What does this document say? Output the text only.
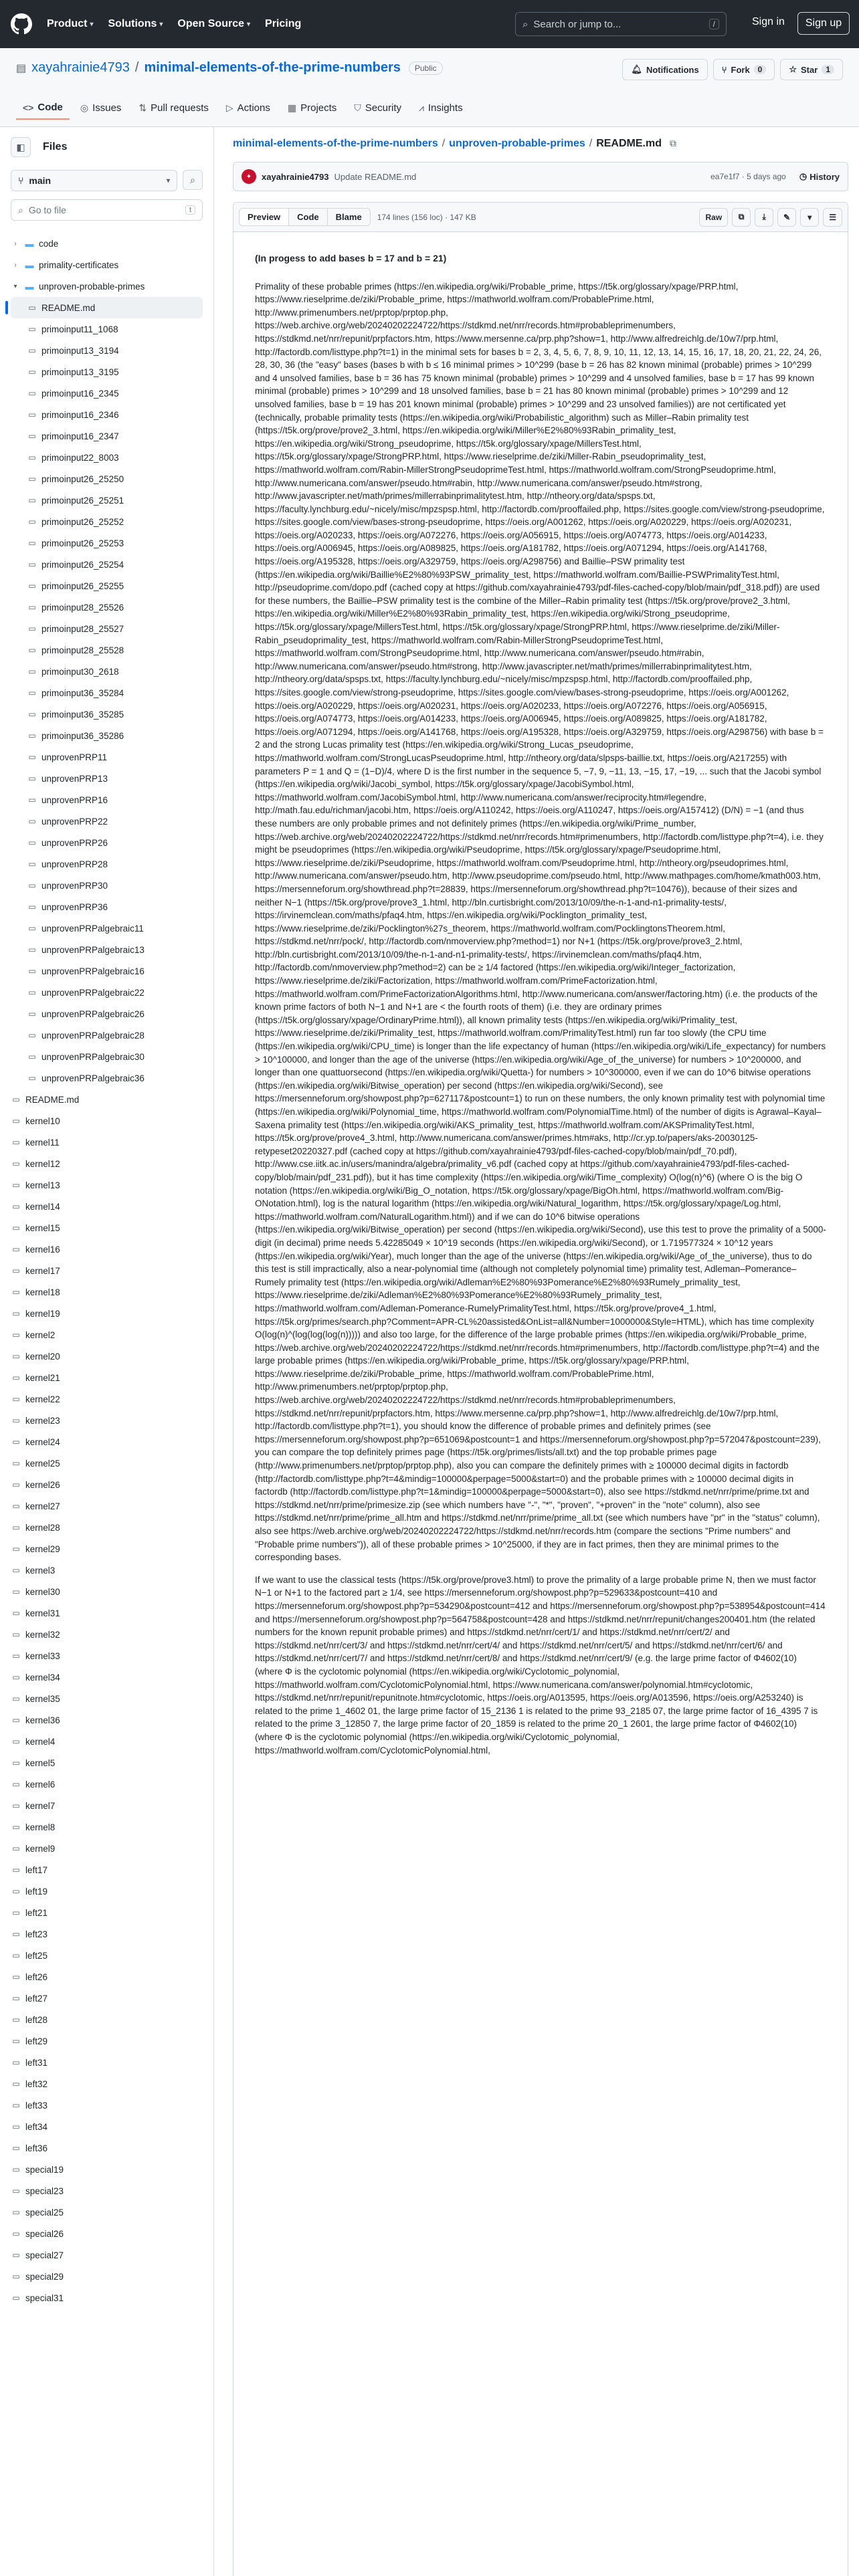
Product ▾ Solutions ▾ Open Source ▾ Pricing	⌕ Search or jump to...	/	Sign in	Sign up
▤ xayahrainie4793 / minimal-elements-of-the-prime-numbers	Public	🔔︎ Notifications	⑂ Fork	0	☆ Star	1
<> Code ◎ Issues ⇅ Pull requests ▷ Actions ▦ Projects ⛉ Security ⩘ Insights
◧ Files
⑂ main	▾ ⌕
⌕ Go to file	t
› ▬ code
› ▬ primality-certificates
▾ ▬ unproven-probable-primes
▭ README.md
▭ primoinput11_1068
▭ primoinput13_3194
▭ primoinput13_3195
▭ primoinput16_2345
▭ primoinput16_2346
▭ primoinput16_2347
▭ primoinput22_8003
▭ primoinput26_25250
▭ primoinput26_25251
▭ primoinput26_25252
▭ primoinput26_25253
▭ primoinput26_25254
▭ primoinput26_25255
▭ primoinput28_25526
▭ primoinput28_25527
▭ primoinput28_25528
▭ primoinput30_2618
▭ primoinput36_35284
▭ primoinput36_35285
▭ primoinput36_35286
▭ unprovenPRP11
▭ unprovenPRP13
▭ unprovenPRP16
▭ unprovenPRP22
▭ unprovenPRP26
▭ unprovenPRP28
▭ unprovenPRP30
▭ unprovenPRP36
▭ unprovenPRPalgebraic11
▭ unprovenPRPalgebraic13
▭ unprovenPRPalgebraic16
▭ unprovenPRPalgebraic22
▭ unprovenPRPalgebraic26
▭ unprovenPRPalgebraic28
▭ unprovenPRPalgebraic30
▭ unprovenPRPalgebraic36
▭ README.md
▭ kernel10
▭ kernel11
▭ kernel12
▭ kernel13
▭ kernel14
▭ kernel15
▭ kernel16
▭ kernel17
▭ kernel18
▭ kernel19
▭ kernel2
▭ kernel20
▭ kernel21
▭ kernel22
▭ kernel23
▭ kernel24
▭ kernel25
▭ kernel26
▭ kernel27
▭ kernel28
▭ kernel29
▭ kernel3
▭ kernel30
▭ kernel31
▭ kernel32
▭ kernel33
▭ kernel34
▭ kernel35
▭ kernel36
▭ kernel4
▭ kernel5
▭ kernel6
▭ kernel7
▭ kernel8
▭ kernel9
▭ left17
▭ left19
▭ left21
▭ left23
▭ left25
▭ left26
▭ left27
▭ left28
▭ left29
▭ left31
▭ left32
▭ left33
▭ left34
▭ left36
▭ special19
▭ special23
▭ special25
▭ special26
▭ special27
▭ special29
▭ special31
minimal-elements-of-the-prime-numbers / unproven-probable-primes / README.md ⧉
✦	xayahrainie4793 Update README.md	ea7e1f7 · 5 days ago ◷ History
Preview	Code	Blame	174 lines (156 loc) · 147 KB	Raw	⧉ ⤓ ✎ ▾ ☰
(In progess to add bases b = 17 and b = 21)

Primality of these probable primes (https://en.wikipedia.org/wiki/Probable_prime, https://t5k.org/glossary/xpage/PRP.html, https://www.rieselprime.de/ziki/Probable_prime, https://mathworld.wolfram.com/ProbablePrime.html, http://www.primenumbers.net/prptop/prptop.php, https://web.archive.org/web/20240202224722/https://stdkmd.net/nrr/records.htm#probableprimenumbers, https://stdkmd.net/nrr/repunit/prpfactors.htm, https://www.mersenne.ca/prp.php?show=1, http://www.alfredreichlg.de/10w7/prp.html, http://factordb.com/listtype.php?t=1) in the minimal sets for bases b = 2, 3, 4, 5, 6, 7, 8, 9, 10, 11, 12, 13, 14, 15, 16, 17, 18, 20, 21, 22, 24, 26, 28, 30, 36 (the "easy" bases (bases b with b ≤ 16 minimal primes > 10^299 (base b = 26 has 82 known minimal (probable) primes > 10^299 and 4 unsolved families, base b = 36 has 75 known minimal (probable) primes > 10^299 and 4 unsolved families, base b = 17 has 99 known minimal (probable) primes > 10^299 and 18 unsolved families, base b = 21 has 80 known minimal (probable) primes > 10^299 and 12 unsolved families, base b = 19 has 201 known minimal (probable) primes > 10^299 and 23 unsolved families)) are not certificated yet (technically, probable primality tests (https://en.wikipedia.org/wiki/Probabilistic_algorithm) such as Miller–Rabin primality test (https://t5k.org/prove/prove2_3.html, https://en.wikipedia.org/wiki/Miller%E2%80%93Rabin_primality_test, https://en.wikipedia.org/wiki/Strong_pseudoprime, https://t5k.org/glossary/xpage/MillersTest.html, https://t5k.org/glossary/xpage/StrongPRP.html, https://www.rieselprime.de/ziki/Miller-Rabin_pseudoprimality_test, https://mathworld.wolfram.com/Rabin-MillerStrongPseudoprimeTest.html, https://mathworld.wolfram.com/StrongPseudoprime.html, http://www.numericana.com/answer/pseudo.htm#rabin, http://www.numericana.com/answer/pseudo.htm#strong, http://www.javascripter.net/math/primes/millerrabinprimalitytest.htm, http://ntheory.org/data/spsps.txt, https://faculty.lynchburg.edu/~nicely/misc/mpzspsp.html, http://factordb.com/prooffailed.php, https://sites.google.com/view/strong-pseudoprime, https://sites.google.com/view/bases-strong-pseudoprime, https://oeis.org/A001262, https://oeis.org/A020229, https://oeis.org/A020231, https://oeis.org/A020233, https://oeis.org/A072276, https://oeis.org/A056915, https://oeis.org/A074773, https://oeis.org/A014233, https://oeis.org/A006945, https://oeis.org/A089825, https://oeis.org/A181782, https://oeis.org/A071294, https://oeis.org/A141768, https://oeis.org/A195328, https://oeis.org/A329759, https://oeis.org/A298756) and Baillie–PSW primality test (https://en.wikipedia.org/wiki/Baillie%E2%80%93PSW_primality_test, https://mathworld.wolfram.com/Baillie-PSWPrimalityTest.html, http://pseudoprime.com/dopo.pdf (cached copy at https://github.com/xayahrainie4793/pdf-files-cached-copy/blob/main/pdf_318.pdf)) are used for these numbers, the Baillie–PSW primality test is the combine of the Miller–Rabin primality test (https://t5k.org/prove/prove2_3.html, https://en.wikipedia.org/wiki/Miller%E2%80%93Rabin_primality_test, https://en.wikipedia.org/wiki/Strong_pseudoprime, https://t5k.org/glossary/xpage/MillersTest.html, https://t5k.org/glossary/xpage/StrongPRP.html, https://www.rieselprime.de/ziki/Miller-Rabin_pseudoprimality_test, https://mathworld.wolfram.com/Rabin-MillerStrongPseudoprimeTest.html, https://mathworld.wolfram.com/StrongPseudoprime.html, http://www.numericana.com/answer/pseudo.htm#rabin, http://www.numericana.com/answer/pseudo.htm#strong, http://www.javascripter.net/math/primes/millerrabinprimalitytest.htm, http://ntheory.org/data/spsps.txt, https://faculty.lynchburg.edu/~nicely/misc/mpzspsp.html, http://factordb.com/prooffailed.php, https://sites.google.com/view/strong-pseudoprime, https://sites.google.com/view/bases-strong-pseudoprime, https://oeis.org/A001262, https://oeis.org/A020229, https://oeis.org/A020231, https://oeis.org/A020233, https://oeis.org/A072276, https://oeis.org/A056915, https://oeis.org/A074773, https://oeis.org/A014233, https://oeis.org/A006945, https://oeis.org/A089825, https://oeis.org/A181782, https://oeis.org/A071294, https://oeis.org/A141768, https://oeis.org/A195328, https://oeis.org/A329759, https://oeis.org/A298756) with base b = 2 and the strong Lucas primality test (https://en.wikipedia.org/wiki/Strong_Lucas_pseudoprime, https://mathworld.wolfram.com/StrongLucasPseudoprime.html, http://ntheory.org/data/slpsps-baillie.txt, https://oeis.org/A217255) with parameters P = 1 and Q = (1−D)/4, where D is the first number in the sequence 5, −7, 9, −11, 13, −15, 17, −19, ... such that the Jacobi symbol (https://en.wikipedia.org/wiki/Jacobi_symbol, https://t5k.org/glossary/xpage/JacobiSymbol.html, https://mathworld.wolfram.com/JacobiSymbol.html, http://www.numericana.com/answer/reciprocity.htm#legendre, http://math.fau.edu/richman/jacobi.htm, https://oeis.org/A110242, https://oeis.org/A110247, https://oeis.org/A157412) (D/N) = −1 (and thus these numbers are only probable primes and not definitely primes (https://en.wikipedia.org/wiki/Prime_number, https://web.archive.org/web/20240202224722/https://stdkmd.net/nrr/records.htm#primenumbers, http://factordb.com/listtype.php?t=4), i.e. they might be pseudoprimes (https://en.wikipedia.org/wiki/Pseudoprime, https://t5k.org/glossary/xpage/Pseudoprime.html, https://www.rieselprime.de/ziki/Pseudoprime, https://mathworld.wolfram.com/Pseudoprime.html, http://ntheory.org/pseudoprimes.html, http://www.numericana.com/answer/pseudo.htm, http://www.pseudoprime.com/pseudo.html, http://www.mathpages.com/home/kmath003.htm, https://mersenneforum.org/showthread.php?t=28839, https://mersenneforum.org/showthread.php?t=10476)), because of their sizes and neither N−1 (https://t5k.org/prove/prove3_1.html, http://bln.curtisbright.com/2013/10/09/the-n-1-and-n1-primality-tests/, https://irvinemclean.com/maths/pfaq4.htm, https://en.wikipedia.org/wiki/Pocklington_primality_test, https://www.rieselprime.de/ziki/Pocklington%27s_theorem, https://mathworld.wolfram.com/PocklingtonsTheorem.html, https://stdkmd.net/nrr/pock/, http://factordb.com/nmoverview.php?method=1) nor N+1 (https://t5k.org/prove/prove3_2.html, http://bln.curtisbright.com/2013/10/09/the-n-1-and-n1-primality-tests/, https://irvinemclean.com/maths/pfaq4.htm, http://factordb.com/nmoverview.php?method=2) can be ≥ 1/4 factored (https://en.wikipedia.org/wiki/Integer_factorization, https://www.rieselprime.de/ziki/Factorization, https://mathworld.wolfram.com/PrimeFactorization.html, https://mathworld.wolfram.com/PrimeFactorizationAlgorithms.html, http://www.numericana.com/answer/factoring.htm) (i.e. the products of the known prime factors of both N−1 and N+1 are < the fourth roots of them) (i.e. they are ordinary primes (https://t5k.org/glossary/xpage/OrdinaryPrime.html)), all known primality tests (https://en.wikipedia.org/wiki/Primality_test, https://www.rieselprime.de/ziki/Primality_test, https://mathworld.wolfram.com/PrimalityTest.html) run far too slowly (the CPU time (https://en.wikipedia.org/wiki/CPU_time) is longer than the life expectancy of human (https://en.wikipedia.org/wiki/Life_expectancy) for numbers > 10^100000, and longer than the age of the universe (https://en.wikipedia.org/wiki/Age_of_the_universe) for numbers > 10^200000, and longer than one quattuorsecond (https://en.wikipedia.org/wiki/Quetta-) for numbers > 10^300000, even if we can do 10^6 bitwise operations (https://en.wikipedia.org/wiki/Bitwise_operation) per second (https://en.wikipedia.org/wiki/Second), see https://mersenneforum.org/showpost.php?p=627117&postcount=1) to run on these numbers, the only known primality test with polynomial time (https://en.wikipedia.org/wiki/Polynomial_time, https://mathworld.wolfram.com/PolynomialTime.html) of the number of digits is Agrawal–Kayal–Saxena primality test (https://en.wikipedia.org/wiki/AKS_primality_test, https://mathworld.wolfram.com/AKSPrimalityTest.html, https://t5k.org/prove/prove4_3.html, http://www.numericana.com/answer/primes.htm#aks, http://cr.yp.to/papers/aks-20030125-retypeset20220327.pdf (cached copy at https://github.com/xayahrainie4793/pdf-files-cached-copy/blob/main/pdf_70.pdf), http://www.cse.iitk.ac.in/users/manindra/algebra/primality_v6.pdf (cached copy at https://github.com/xayahrainie4793/pdf-files-cached-copy/blob/main/pdf_231.pdf)), but it has time complexity (https://en.wikipedia.org/wiki/Time_complexity) O(log(n)^6) (where O is the big O notation (https://en.wikipedia.org/wiki/Big_O_notation, https://t5k.org/glossary/xpage/BigOh.html, https://mathworld.wolfram.com/Big-ONotation.html), log is the natural logarithm (https://en.wikipedia.org/wiki/Natural_logarithm, https://t5k.org/glossary/xpage/Log.html, https://mathworld.wolfram.com/NaturalLogarithm.html)) and if we can do 10^6 bitwise operations (https://en.wikipedia.org/wiki/Bitwise_operation) per second (https://en.wikipedia.org/wiki/Second), use this test to prove the primality of a 5000-digit (in decimal) prime needs 5.42285049 × 10^19 seconds (https://en.wikipedia.org/wiki/Second), or 1.719577324 × 10^12 years (https://en.wikipedia.org/wiki/Year), much longer than the age of the universe (https://en.wikipedia.org/wiki/Age_of_the_universe), thus to do this test is still impractically, also a near-polynomial time (although not completely polynomial time) primality test, Adleman–Pomerance–Rumely primality test (https://en.wikipedia.org/wiki/Adleman%E2%80%93Pomerance%E2%80%93Rumely_primality_test, https://www.rieselprime.de/ziki/Adleman%E2%80%93Pomerance%E2%80%93Rumely_primality_test, https://mathworld.wolfram.com/Adleman-Pomerance-RumelyPrimalityTest.html, https://t5k.org/prove/prove4_1.html, https://t5k.org/primes/search.php?Comment=APR-CL%20assisted&OnList=all&Number=1000000&Style=HTML), which has time complexity O(log(n)^(log(log(log(n))))) and also too large, for the difference of the large probable primes (https://en.wikipedia.org/wiki/Probable_prime, https://web.archive.org/web/20240202224722/https://stdkmd.net/nrr/records.htm#primenumbers, http://factordb.com/listtype.php?t=4) and the large probable primes (https://en.wikipedia.org/wiki/Probable_prime, https://t5k.org/glossary/xpage/PRP.html, https://www.rieselprime.de/ziki/Probable_prime, https://mathworld.wolfram.com/ProbablePrime.html, http://www.primenumbers.net/prptop/prptop.php, https://web.archive.org/web/20240202224722/https://stdkmd.net/nrr/records.htm#probableprimenumbers, https://stdkmd.net/nrr/repunit/prpfactors.htm, https://www.mersenne.ca/prp.php?show=1, http://www.alfredreichlg.de/10w7/prp.html, http://factordb.com/listtype.php?t=1), you should know the difference of probable primes and definitely primes (see https://mersenneforum.org/showpost.php?p=651069&postcount=1 and https://mersenneforum.org/showpost.php?p=572047&postcount=239), you can compare the top definitely primes page (https://t5k.org/primes/lists/all.txt) and the top probable primes page (http://www.primenumbers.net/prptop/prptop.php), also you can compare the definitely primes with ≥ 100000 decimal digits in factordb (http://factordb.com/listtype.php?t=4&mindig=100000&perpage=5000&start=0) and the probable primes with ≥ 100000 decimal digits in factordb (http://factordb.com/listtype.php?t=1&mindig=100000&perpage=5000&start=0), also see https://stdkmd.net/nrr/prime/prime.txt and https://stdkmd.net/nrr/prime/primesize.zip (see which numbers have "-", "*", "proven", "+proven" in the "note" column), also see https://stdkmd.net/nrr/prime/prime_all.htm and https://stdkmd.net/nrr/prime/prime_all.txt (see which numbers have "pr" in the "status" column), also see https://web.archive.org/web/20240202224722/https://stdkmd.net/nrr/records.htm (compare the sections "Prime numbers" and "Probable prime numbers")), all of these probable primes > 10^25000, if they are in fact primes, then they are minimal primes to the corresponding bases.

If we want to use the classical tests (https://t5k.org/prove/prove3.html) to prove the primality of a large probable prime N, then we must factor N−1 or N+1 to the factored part ≥ 1/4, see https://mersenneforum.org/showpost.php?p=529633&postcount=410 and https://mersenneforum.org/showpost.php?p=534290&postcount=412 and https://mersenneforum.org/showpost.php?p=538954&postcount=414 and https://mersenneforum.org/showpost.php?p=564758&postcount=428 and https://stdkmd.net/nrr/repunit/changes200401.htm (the related numbers for the known repunit probable primes) and https://stdkmd.net/nrr/cert/1/ and https://stdkmd.net/nrr/cert/2/ and https://stdkmd.net/nrr/cert/3/ and https://stdkmd.net/nrr/cert/4/ and https://stdkmd.net/nrr/cert/5/ and https://stdkmd.net/nrr/cert/6/ and https://stdkmd.net/nrr/cert/7/ and https://stdkmd.net/nrr/cert/8/ and https://stdkmd.net/nrr/cert/9/ (e.g. the large prime factor of Φ4602(10) (where Φ is the cyclotomic polynomial (https://en.wikipedia.org/wiki/Cyclotomic_polynomial, https://mathworld.wolfram.com/CyclotomicPolynomial.html, https://www.numericana.com/answer/polynomial.htm#cyclotomic, https://stdkmd.net/nrr/repunit/repunitnote.htm#cyclotomic, https://oeis.org/A013595, https://oeis.org/A013596, https://oeis.org/A253240) is related to the prime 1_4602 01, the large prime factor of 15_2136 1 is related to the prime 93_2185 07, the large prime factor of 16_4395 7 is related to the prime 3_12850 7, the large prime factor of 20_1859 is related to the prime 20_1 2601, the large prime factor of Φ4602(10) (where Φ is the cyclotomic polynomial (https://en.wikipedia.org/wiki/Cyclotomic_polynomial, https://mathworld.wolfram.com/CyclotomicPolynomial.html,
